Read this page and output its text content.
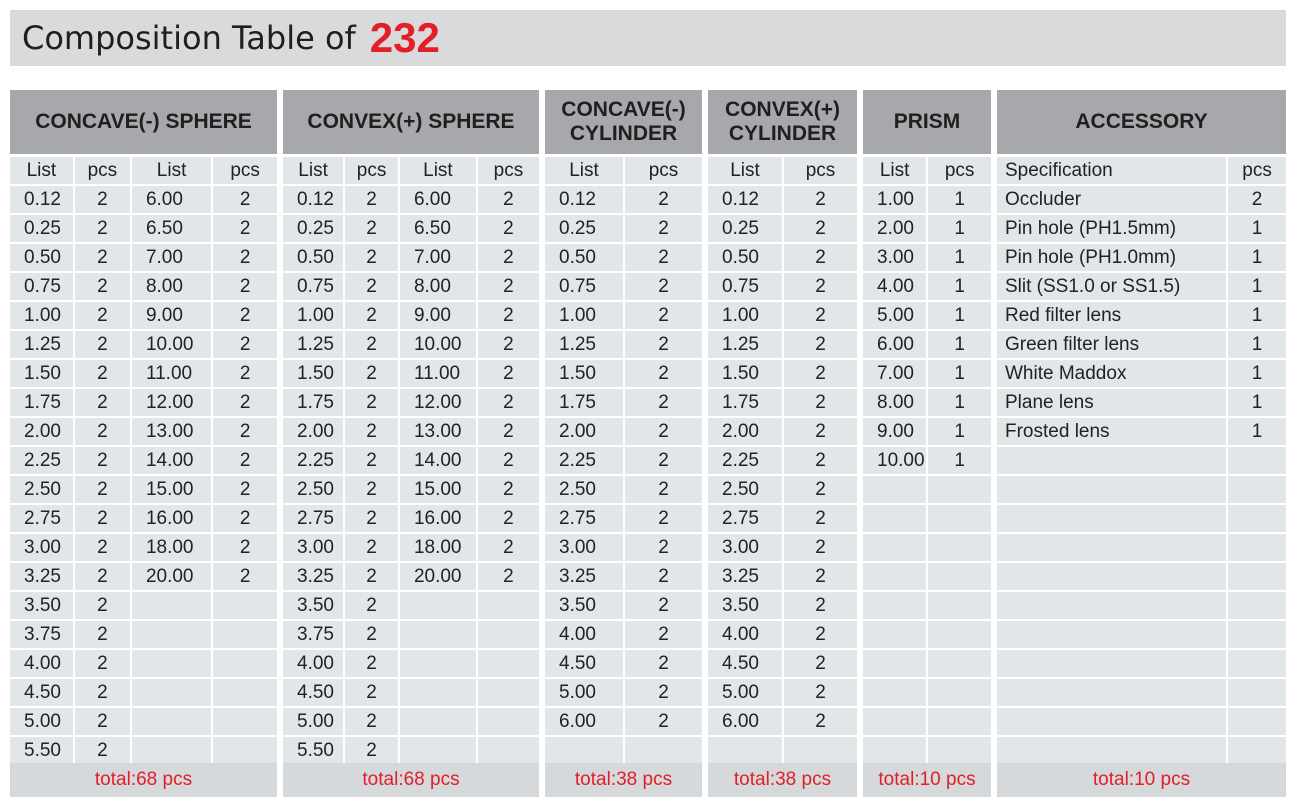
Composition Table of 232
CONCAVE(-) SPHERE
List	pcs	List	pcs
0.12	2	6.00	2
0.25	2	6.50	2
0.50	2	7.00	2
0.75	2	8.00	2
1.00	2	9.00	2
1.25	2	10.00	2
1.50	2	11.00	2
1.75	2	12.00	2
2.00	2	13.00	2
2.25	2	14.00	2
2.50	2	15.00	2
2.75	2	16.00	2
3.00	2	18.00	2
3.25	2	20.00	2
3.50	2		
3.75	2		
4.00	2		
4.50	2		
5.00	2		
5.50	2		
CONVEX(+) SPHERE
List	pcs	List	pcs
0.12	2	6.00	2
0.25	2	6.50	2
0.50	2	7.00	2
0.75	2	8.00	2
1.00	2	9.00	2
1.25	2	10.00	2
1.50	2	11.00	2
1.75	2	12.00	2
2.00	2	13.00	2
2.25	2	14.00	2
2.50	2	15.00	2
2.75	2	16.00	2
3.00	2	18.00	2
3.25	2	20.00	2
3.50	2		
3.75	2		
4.00	2		
4.50	2		
5.00	2		
5.50	2		
CONCAVE(-)
CYLINDER
List	pcs
0.12	2
0.25	2
0.50	2
0.75	2
1.00	2
1.25	2
1.50	2
1.75	2
2.00	2
2.25	2
2.50	2
2.75	2
3.00	2
3.25	2
3.50	2
4.00	2
4.50	2
5.00	2
6.00	2

CONVEX(+)
CYLINDER
List	pcs
0.12	2
0.25	2
0.50	2
0.75	2
1.00	2
1.25	2
1.50	2
1.75	2
2.00	2
2.25	2
2.50	2
2.75	2
3.00	2
3.25	2
3.50	2
4.00	2
4.50	2
5.00	2
6.00	2

PRISM
List	pcs
1.00	1
2.00	1
3.00	1
4.00	1
5.00	1
6.00	1
7.00	1
8.00	1
9.00	1
10.00	1

ACCESSORY
Specification	pcs
Occluder	2
Pin hole (PH1.5mm)	1
Pin hole (PH1.0mm)	1
Slit (SS1.0 or SS1.5)	1
Red filter lens	1
Green filter lens	1
White Maddox	1
Plane lens	1
Frosted lens	1

total:68 pcs	total:68 pcs	total:38 pcs	total:38 pcs	total:10 pcs	total:10 pcs
